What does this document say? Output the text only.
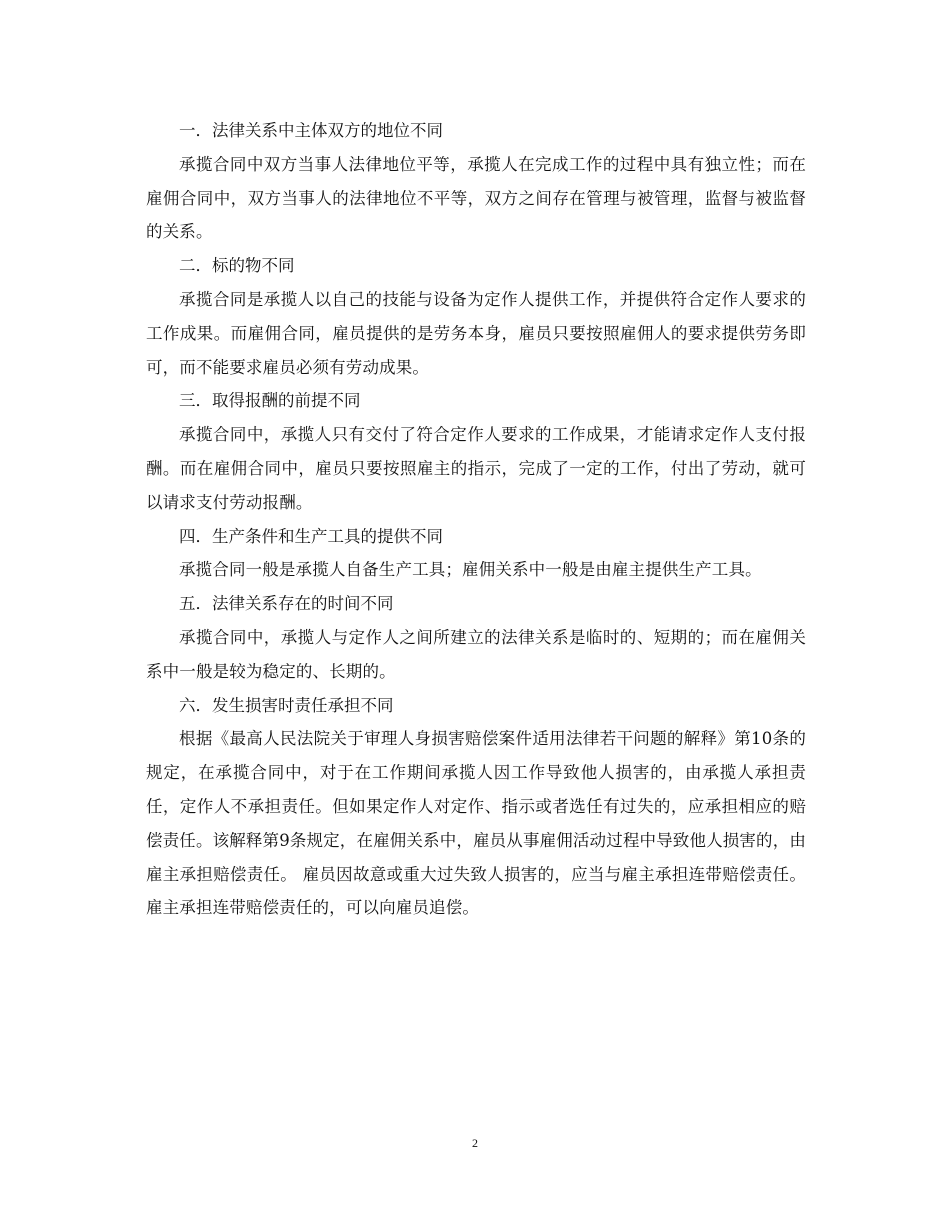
一．法律关系中主体双方的地位不同

承揽合同中双方当事人法律地位平等，承揽人在完成工作的过程中具有独立性；而在雇佣合同中，双方当事人的法律地位不平等，双方之间存在管理与被管理，监督与被监督的关系。

二．标的物不同

承揽合同是承揽人以自己的技能与设备为定作人提供工作，并提供符合定作人要求的工作成果。而雇佣合同，雇员提供的是劳务本身，雇员只要按照雇佣人的要求提供劳务即可，而不能要求雇员必须有劳动成果。

三．取得报酬的前提不同

承揽合同中，承揽人只有交付了符合定作人要求的工作成果，才能请求定作人支付报酬。而在雇佣合同中，雇员只要按照雇主的指示，完成了一定的工作，付出了劳动，就可以请求支付劳动报酬。

四．生产条件和生产工具的提供不同

承揽合同一般是承揽人自备生产工具；雇佣关系中一般是由雇主提供生产工具。

五．法律关系存在的时间不同

承揽合同中，承揽人与定作人之间所建立的法律关系是临时的、短期的；而在雇佣关系中一般是较为稳定的、长期的。

六．发生损害时责任承担不同

根据《最高人民法院关于审理人身损害赔偿案件适用法律若干问题的解释》第10条的规定，在承揽合同中，对于在工作期间承揽人因工作导致他人损害的，由承揽人承担责任，定作人不承担责任。但如果定作人对定作、指示或者选任有过失的，应承担相应的赔偿责任。该解释第9条规定，在雇佣关系中，雇员从事雇佣活动过程中导致他人损害的，由雇主承担赔偿责任。 雇员因故意或重大过失致人损害的，应当与雇主承担连带赔偿责任。雇主承担连带赔偿责任的，可以向雇员追偿。

2
